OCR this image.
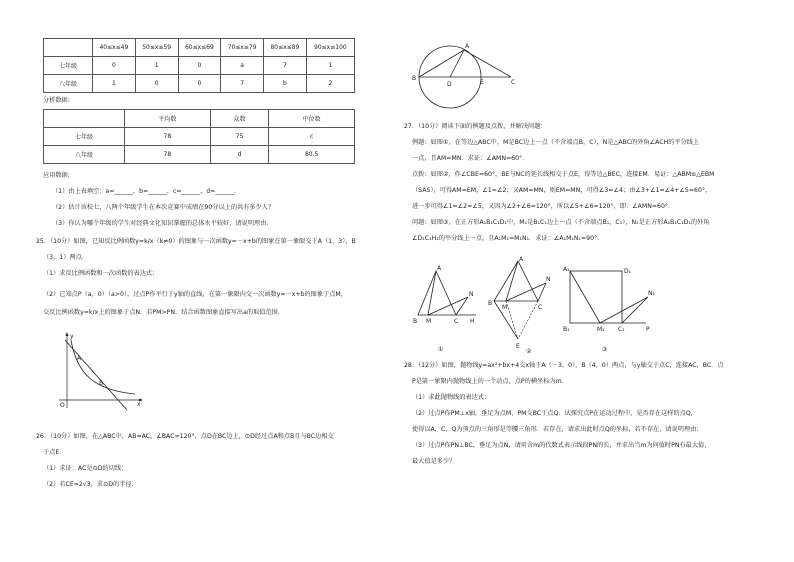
	40≤x≤49	50≤x≤59	60≤x≤69	70≤x≤79	80≤x≤89	90≤x≤100
七年级	0	1	0	a	7	1
八年级	1	0	0	7	b	2
分析数据:
	平均数	众数	中位数
七年级	78	75	c
八年级	78	d	80.5
应用数据:
（1）由上表填空：a=______，b=______，c=______，d=______．
（2）估计该校七、八两个年级学生在本次竞赛中成绩在90分以上的共有多少人？
（3）你认为哪个年级的学生对经典文化知识掌握的总体水平较好，请说明理由．
25．（10分）如图，已知反比例函数y=k/x（k≠0）的图象与一次函数y=－x+b的图象在第一象限交于A（1，3），B
（3，1）两点．
（1）求反比例函数和一次函数的表达式；
（2）已知点P（a，0）（a>0），过点P作平行于y轴的直线，在第一象限内交一次函数y=－x+b的图象于点M，
交反比例函数y=k/x上的图象于点N．若PM>PN，结合函数图象直接写出a的取值范围．
y
x
O
A
B
26．（10分）如图，在△ABC中，AB=AC，∠BAC=120°，点D在BC边上，⊙D经过点A和点B且与BC边相交
于点E．
（1）求证：AC是⊙D的切线；
（2）若CE=2√3，求⊙D的半径．
A
B
D	E	C
27．（10分）阅读下面的例题及点拨，并解决问题：
例题：如图①，在等边△ABC中，M是BC边上一点（不含端点B，C），N是△ABC的外角∠ACH的平分线上
一点，且AM=MN．求证：∠AMN=60°．
点拨：如图②，作∠CBE=60°，BE与NC的延长线相交于点E，得等边△BEC，连接EM．易证：△ABM≌△EBM
（SAS），可得AM=EM，∠1=∠2；又AM=MN，则EM=MN，可得∠3=∠4；由∠3+∠1=∠4+∠5=60°，
进一步可得∠1=∠2=∠5，又因为∠2+∠6=120°，所以∠5+∠6=120°，即：∠AMN=60°．
问题：如图③，在正方形A₁B₁C₁D₁中，M₁是B₁C₁边上一点（不含端点B₁，C₁），N₁是正方形A₁B₁C₁D₁的外角
∠D₁C₁H₁的平分线上一点，且A₁M₁=M₁N₁．求证：∠A₁M₁N₁=90°．
A
B M	C H
N
①
A
B
M	C
N
E
②
A₁	D₁
B₁	M₁ C₁
N₁
P
③
28．（12分）如图，抛物线y=ax²+bx+4交x轴于A（－3，0），B（4，0）两点，与y轴交于点C，连接AC，BC．点
P是第一象限内抛物线上的一个动点，点P的横坐标为m．
（1）求此抛物线的表达式；
（2）过点P作PM⊥x轴，垂足为点M，PM交BC于点Q．试探究点P在运动过程中，是否存在这样的点Q，
使得以A，C，Q为顶点的三角形是等腰三角形．若存在，请求出此时点Q的坐标，若不存在，请说明理由；
（3）过点P作PN⊥BC，垂足为点N，请用含m的代数式表示线段PN的长，并求出当m为何值时PN有最大值，
最大值是多少？
